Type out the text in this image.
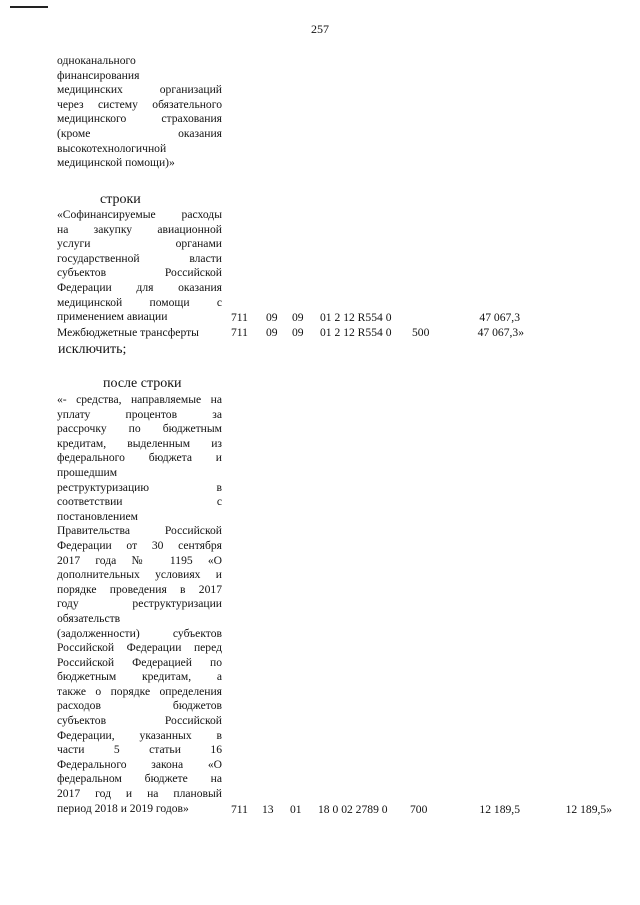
257
одноканального
финансирования
медицинских организаций
через систему обязательного
медицинского страхования
(кроме оказания
высокотехнологичной
медицинской помощи)»
строки
«Софинансируемые расходы
на закупку авиационной
услуги органами
государственной власти
субъектов Российской
Федерации для оказания
медицинской помощи с
применением авиации	711 09 09 01 2 12 R554 0	47 067,3
Межбюджетные трансферты	711 09 09 01 2 12 R554 0 500	47 067,3»
исключить;
после строки
«- средства, направляемые на
уплату процентов за
рассрочку по бюджетным
кредитам, выделенным из
федерального бюджета и
прошедшим
реструктуризацию в
соответствии с
постановлением
Правительства Российской
Федерации от 30 сентября
2017 года № 1195 «О
дополнительных условиях и
порядке проведения в 2017
году реструктуризации
обязательств
(задолженности) субъектов
Российской Федерации перед
Российской Федерацией по
бюджетным кредитам, а
также о порядке определения
расходов бюджетов
субъектов Российской
Федерации, указанных в
части 5 статьи 16
Федерального закона «О
федеральном бюджете на
2017 год и на плановый
период 2018 и 2019 годов»	711 13 01 18 0 02 2789 0 700	12 189,5	12 189,5»
